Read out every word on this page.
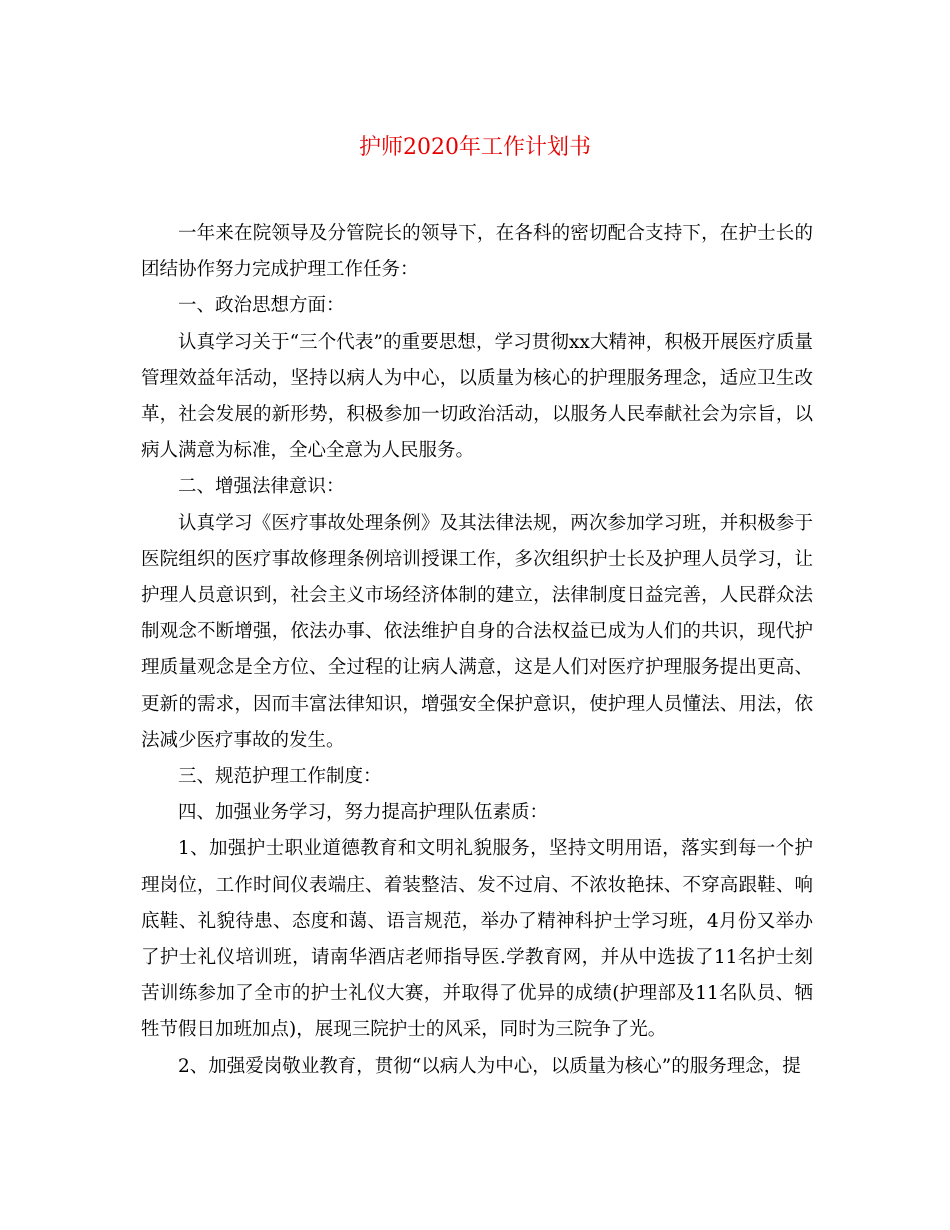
护师2020年工作计划书

一年来在院领导及分管院长的领导下，在各科的密切配合支持下，在护士长的团结协作努力完成护理工作任务：

一、政治思想方面：

认真学习关于“三个代表”的重要思想，学习贯彻xx大精神，积极开展医疗质量管理效益年活动，坚持以病人为中心，以质量为核心的护理服务理念，适应卫生改革，社会发展的新形势，积极参加一切政治活动，以服务人民奉献社会为宗旨，以病人满意为标准，全心全意为人民服务。

二、增强法律意识：

认真学习《医疗事故处理条例》及其法律法规，两次参加学习班，并积极参于医院组织的医疗事故修理条例培训授课工作，多次组织护士长及护理人员学习，让护理人员意识到，社会主义市场经济体制的建立，法律制度日益完善，人民群众法制观念不断增强，依法办事、依法维护自身的合法权益已成为人们的共识，现代护理质量观念是全方位、全过程的让病人满意，这是人们对医疗护理服务提出更高、更新的需求，因而丰富法律知识，增强安全保护意识，使护理人员懂法、用法，依法减少医疗事故的发生。

三、规范护理工作制度：

四、加强业务学习，努力提高护理队伍素质：

1、加强护士职业道德教育和文明礼貌服务，坚持文明用语，落实到每一个护理岗位，工作时间仪表端庄、着装整洁、发不过肩、不浓妆艳抹、不穿高跟鞋、响底鞋、礼貌待患、态度和蔼、语言规范，举办了精神科护士学习班，4月份又举办了护士礼仪培训班，请南华酒店老师指导医.学教育网，并从中选拔了11名护士刻苦训练参加了全市的护士礼仪大赛，并取得了优异的成绩(护理部及11名队员、牺牲节假日加班加点)，展现三院护士的风采，同时为三院争了光。

2、加强爱岗敬业教育，贯彻“以病人为中心，以质量为核心”的服务理念，提
